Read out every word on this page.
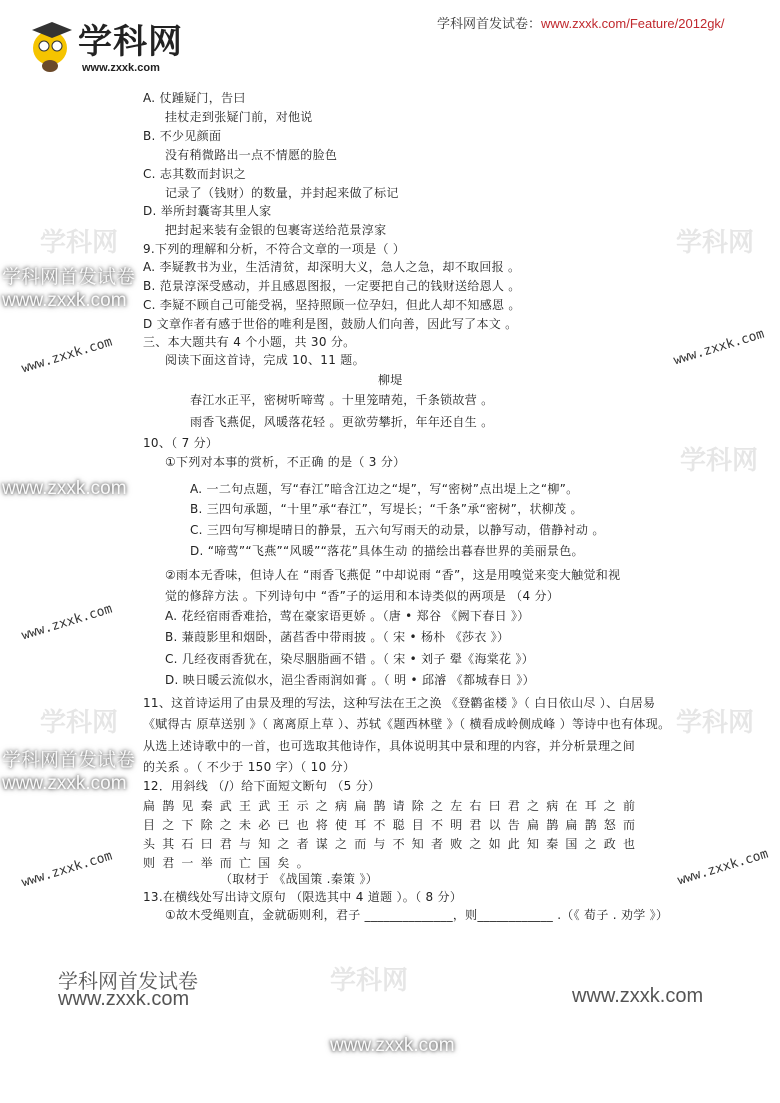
学科网
www.zxxk.com
学科网首发试卷：www.zxxk.com/Feature/2012gk/
A. 仗踵疑门，告曰
挂杖走到张疑门前，对他说
B. 不少见颜面
没有稍微路出一点不情愿的脸色
C. 志其数而封识之
记录了（钱财）的数量，并封起来做了标记
D. 举所封囊寄其里人家
把封起来装有金银的包裹寄送给范景淳家
9.下列的理解和分析，不符合文章的一项是（ ）
A. 李疑教书为业，生活清贫，却深明大义，急人之急，却不取回报 。
B. 范景淳深受感动，并且感恩图报，一定要把自己的钱财送给恩人 。
C. 李疑不顾自己可能受祸，坚持照顾一位孕妇，但此人却不知感恩 。
D 文章作者有感于世俗的唯利是图，鼓励人们向善，因此写了本文 。
三、本大题共有 4 个小题，共 30 分。
阅读下面这首诗，完成 10、11 题。
柳堤
春江水正平，密树听啼莺 。十里笼晴苑，千条锁故营 。
雨香飞燕促，风暖落花轻 。更欲劳攀折，年年还自生 。
10、（ 7 分）
①下列对本事的赏析，不正确 的是（ 3 分）
A. 一二句点题，写“春江”暗含江边之“堤”，写“密树”点出堤上之“柳”。
B. 三四句承题，“十里”承“春江”，写堤长；“千条”承“密树”，状柳茂 。
C. 三四句写柳堤晴日的静景，五六句写雨天的动景，以静写动，借静衬动 。
D. “啼莺”“飞燕”“风暖”“落花”具体生动 的描绘出暮春世界的美丽景色。
②雨本无香味，但诗人在 “雨香飞燕促 ”中却说雨 “香”，这是用嗅觉来变大触觉和视
觉的修辞方法 。下列诗句中 “香”子的运用和本诗类似的两项是 （4 分）
A. 花经宿雨香难拾，莺在豪家语更娇 。（唐 • 郑谷 《阙下春日 》）
B. 蒹葭影里和烟卧，菡萏香中带雨披 。（ 宋 • 杨朴 《莎衣 》）
C. 几经夜雨香犹在，染尽胭脂画不错 。（ 宋 • 刘子 翚《海棠花 》）
D. 映日暖云流似水，浥尘香雨润如膏 。（ 明 • 邱濬 《都城春日 》）
11、这首诗运用了由景及理的写法，这种写法在王之涣 《登鹳雀楼 》（ 白日依山尽 ）、白居易
《赋得古 原草送别 》（ 离离原上草 ）、苏轼《题西林壁 》（ 横看成岭侧成峰 ）等诗中也有体现。
从选上述诗歌中的一首，也可选取其他诗作，具体说明其中景和理的内容，并分析景理之间
的关系 。（ 不少于 150 字）（ 10 分）
12．用斜线 （/）给下面短文断句 （5 分）
扁鹊见秦武王武王示之病扁鹊请除之左右曰君之病在耳之前
目之下除之未必已也将使耳不聪目不明君以告扁鹊扁鹊怒而
头其石曰君与知之者谋之而与不知者败之如此知秦国之政也
则君一举而亡国矣。
（取材于 《战国策 .秦策 》）
13.在横线处写出诗文原句 （限选其中 4 道题 ）。（ 8 分）
①故木受绳则直，金就砺则利，君子 ______________，则____________ .（《 荀子 . 劝学 》）
学科网	学科网
学科网首发试卷
www.zxxk.com
www.zxxk.com	www.zxxk.com
www.zxxk.com
学科网
www.zxxk.com
www.zxxk.com
学科网	学科网
学科网首发试卷
www.zxxk.com
www.zxxk.com	www.zxxk.com
学科网首发试卷
www.zxxk.com
学科网
www.zxxk.com
